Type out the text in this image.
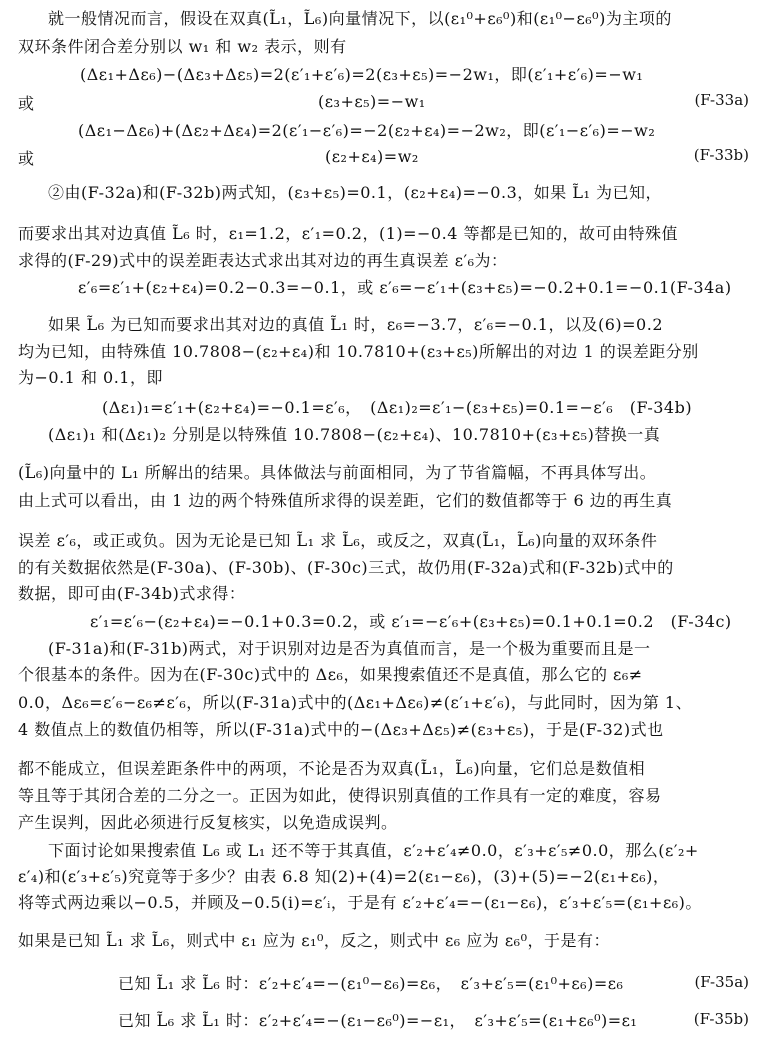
就一般情况而言，假设在双真(L̃₁，L̃₆)向量情况下，以(ε₁⁰+ε₆⁰)和(ε₁⁰−ε₆⁰)为主项的
双环条件闭合差分别以 w₁ 和 w₂ 表示，则有
(Δε₁+Δε₆)−(Δε₃+Δε₅)=2(ε′₁+ε′₆)=2(ε₃+ε₅)=−2w₁，即(ε′₁+ε′₆)=−w₁
或	(ε₃+ε₅)=−w₁	(F-33a)
(Δε₁−Δε₆)+(Δε₂+Δε₄)=2(ε′₁−ε′₆)=−2(ε₂+ε₄)=−2w₂，即(ε′₁−ε′₆)=−w₂
或	(ε₂+ε₄)=w₂	(F-33b)
②由(F-32a)和(F-32b)两式知，(ε₃+ε₅)=0.1，(ε₂+ε₄)=−0.3，如果 L̃₁ 为已知，
而要求出其对边真值 L̃₆ 时，ε₁=1.2，ε′₁=0.2，(1)=−0.4 等都是已知的，故可由特殊值
求得的(F-29)式中的误差距表达式求出其对边的再生真误差 ε′₆为：
ε′₆=ε′₁+(ε₂+ε₄)=0.2−0.3=−0.1，或 ε′₆=−ε′₁+(ε₃+ε₅)=−0.2+0.1=−0.1(F-34a)
如果 L̃₆ 为已知而要求出其对边的真值 L̃₁ 时，ε₆=−3.7，ε′₆=−0.1，以及(6)=0.2
均为已知，由特殊值 10.7808−(ε₂+ε₄)和 10.7810+(ε₃+ε₅)所解出的对边 1 的误差距分别
为−0.1 和 0.1，即
(Δε₁)₁=ε′₁+(ε₂+ε₄)=−0.1=ε′₆，　(Δε₁)₂=ε′₁−(ε₃+ε₅)=0.1=−ε′₆　(F-34b)
(Δε₁)₁ 和(Δε₁)₂ 分别是以特殊值 10.7808−(ε₂+ε₄)、10.7810+(ε₃+ε₅)替换一真
(L̃₆)向量中的 L₁ 所解出的结果。具体做法与前面相同，为了节省篇幅，不再具体写出。
由上式可以看出，由 1 边的两个特殊值所求得的误差距，它们的数值都等于 6 边的再生真
误差 ε′₆，或正或负。因为无论是已知 L̃₁ 求 L̃₆，或反之，双真(L̃₁，L̃₆)向量的双环条件
的有关数据依然是(F-30a)、(F-30b)、(F-30c)三式，故仍用(F-32a)式和(F-32b)式中的
数据，即可由(F-34b)式求得：
ε′₁=ε′₆−(ε₂+ε₄)=−0.1+0.3=0.2，或 ε′₁=−ε′₆+(ε₃+ε₅)=0.1+0.1=0.2　(F-34c)
(F-31a)和(F-31b)两式，对于识别对边是否为真值而言，是一个极为重要而且是一
个很基本的条件。因为在(F-30c)式中的 Δε₆，如果搜索值还不是真值，那么它的 ε₆≠
0.0，Δε₆=ε′₆−ε₆≠ε′₆，所以(F-31a)式中的(Δε₁+Δε₆)≠(ε′₁+ε′₆)，与此同时，因为第 1、
4 数值点上的数值仍相等，所以(F-31a)式中的−(Δε₃+Δε₅)≠(ε₃+ε₅)，于是(F-32)式也
都不能成立，但误差距条件中的两项，不论是否为双真(L̃₁，L̃₆)向量，它们总是数值相
等且等于其闭合差的二分之一。正因为如此，使得识别真值的工作具有一定的难度，容易
产生误判，因此必须进行反复核实，以免造成误判。
下面讨论如果搜索值 L₆ 或 L₁ 还不等于其真值，ε′₂+ε′₄≠0.0，ε′₃+ε′₅≠0.0，那么(ε′₂+
ε′₄)和(ε′₃+ε′₅)究竟等于多少？由表 6.8 知(2)+(4)=2(ε₁−ε₆)，(3)+(5)=−2(ε₁+ε₆)，
将等式两边乘以−0.5，并顾及−0.5(i)=ε′ᵢ，于是有 ε′₂+ε′₄=−(ε₁−ε₆)，ε′₃+ε′₅=(ε₁+ε₆)。
如果是已知 L̃₁ 求 L̃₆，则式中 ε₁ 应为 ε₁⁰，反之，则式中 ε₆ 应为 ε₆⁰，于是有：
已知 L̃₁ 求 L̃₆ 时：ε′₂+ε′₄=−(ε₁⁰−ε₆)=ε₆，　ε′₃+ε′₅=(ε₁⁰+ε₆)=ε₆	(F-35a)
已知 L̃₆ 求 L̃₁ 时：ε′₂+ε′₄=−(ε₁−ε₆⁰)=−ε₁，　ε′₃+ε′₅=(ε₁+ε₆⁰)=ε₁	(F-35b)
